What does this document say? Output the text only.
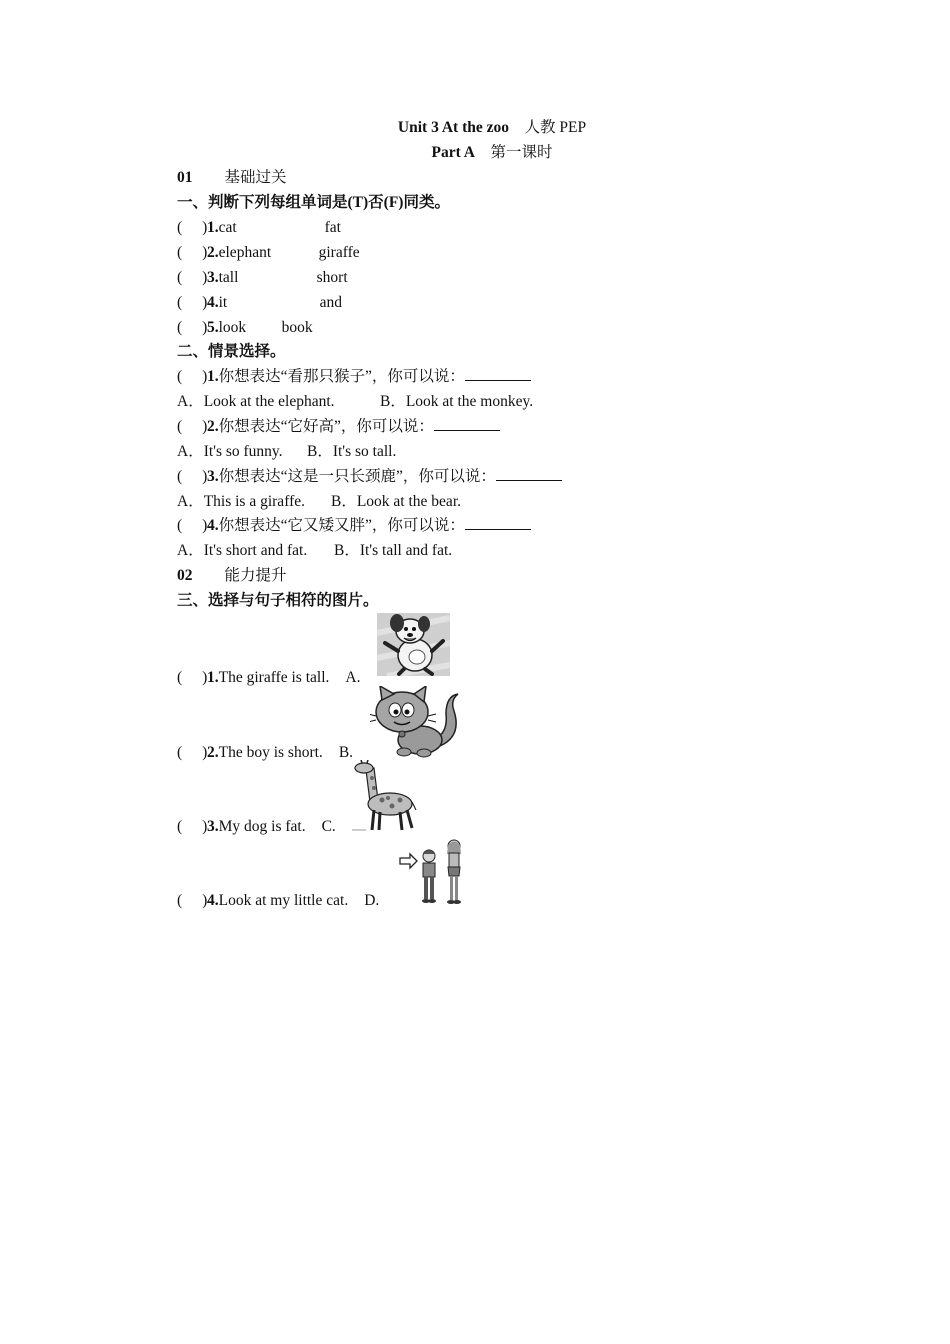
Unit 3 At the zoo 人教 PEP
Part A 第一课时
01 基础过关
一、判断下列每组单词是(T)否(F)同类。
( )1.cat	fat
( )2.elephant	giraffe
( )3.tall	short
( )4.it	and
( )5.look book
二、情景选择。
( )1.你想表达“看那只猴子”，你可以说：
A．Look at the elephant.	B．Look at the monkey.
( )2.你想表达“它好高”，你可以说：
A．It's so funny. B．It's so tall.
( )3.你想表达“这是一只长颈鹿”，你可以说：
A．This is a giraffe. B．Look at the bear.
( )4.你想表达“它又矮又胖”，你可以说：
A．It's short and fat. B．It's tall and fat.
02 能力提升
三、选择与句子相符的图片。
( )1.The giraffe is tall. A.
( )2.The boy is short. B.
( )3.My dog is fat. C.
( )4.Look at my little cat. D.
